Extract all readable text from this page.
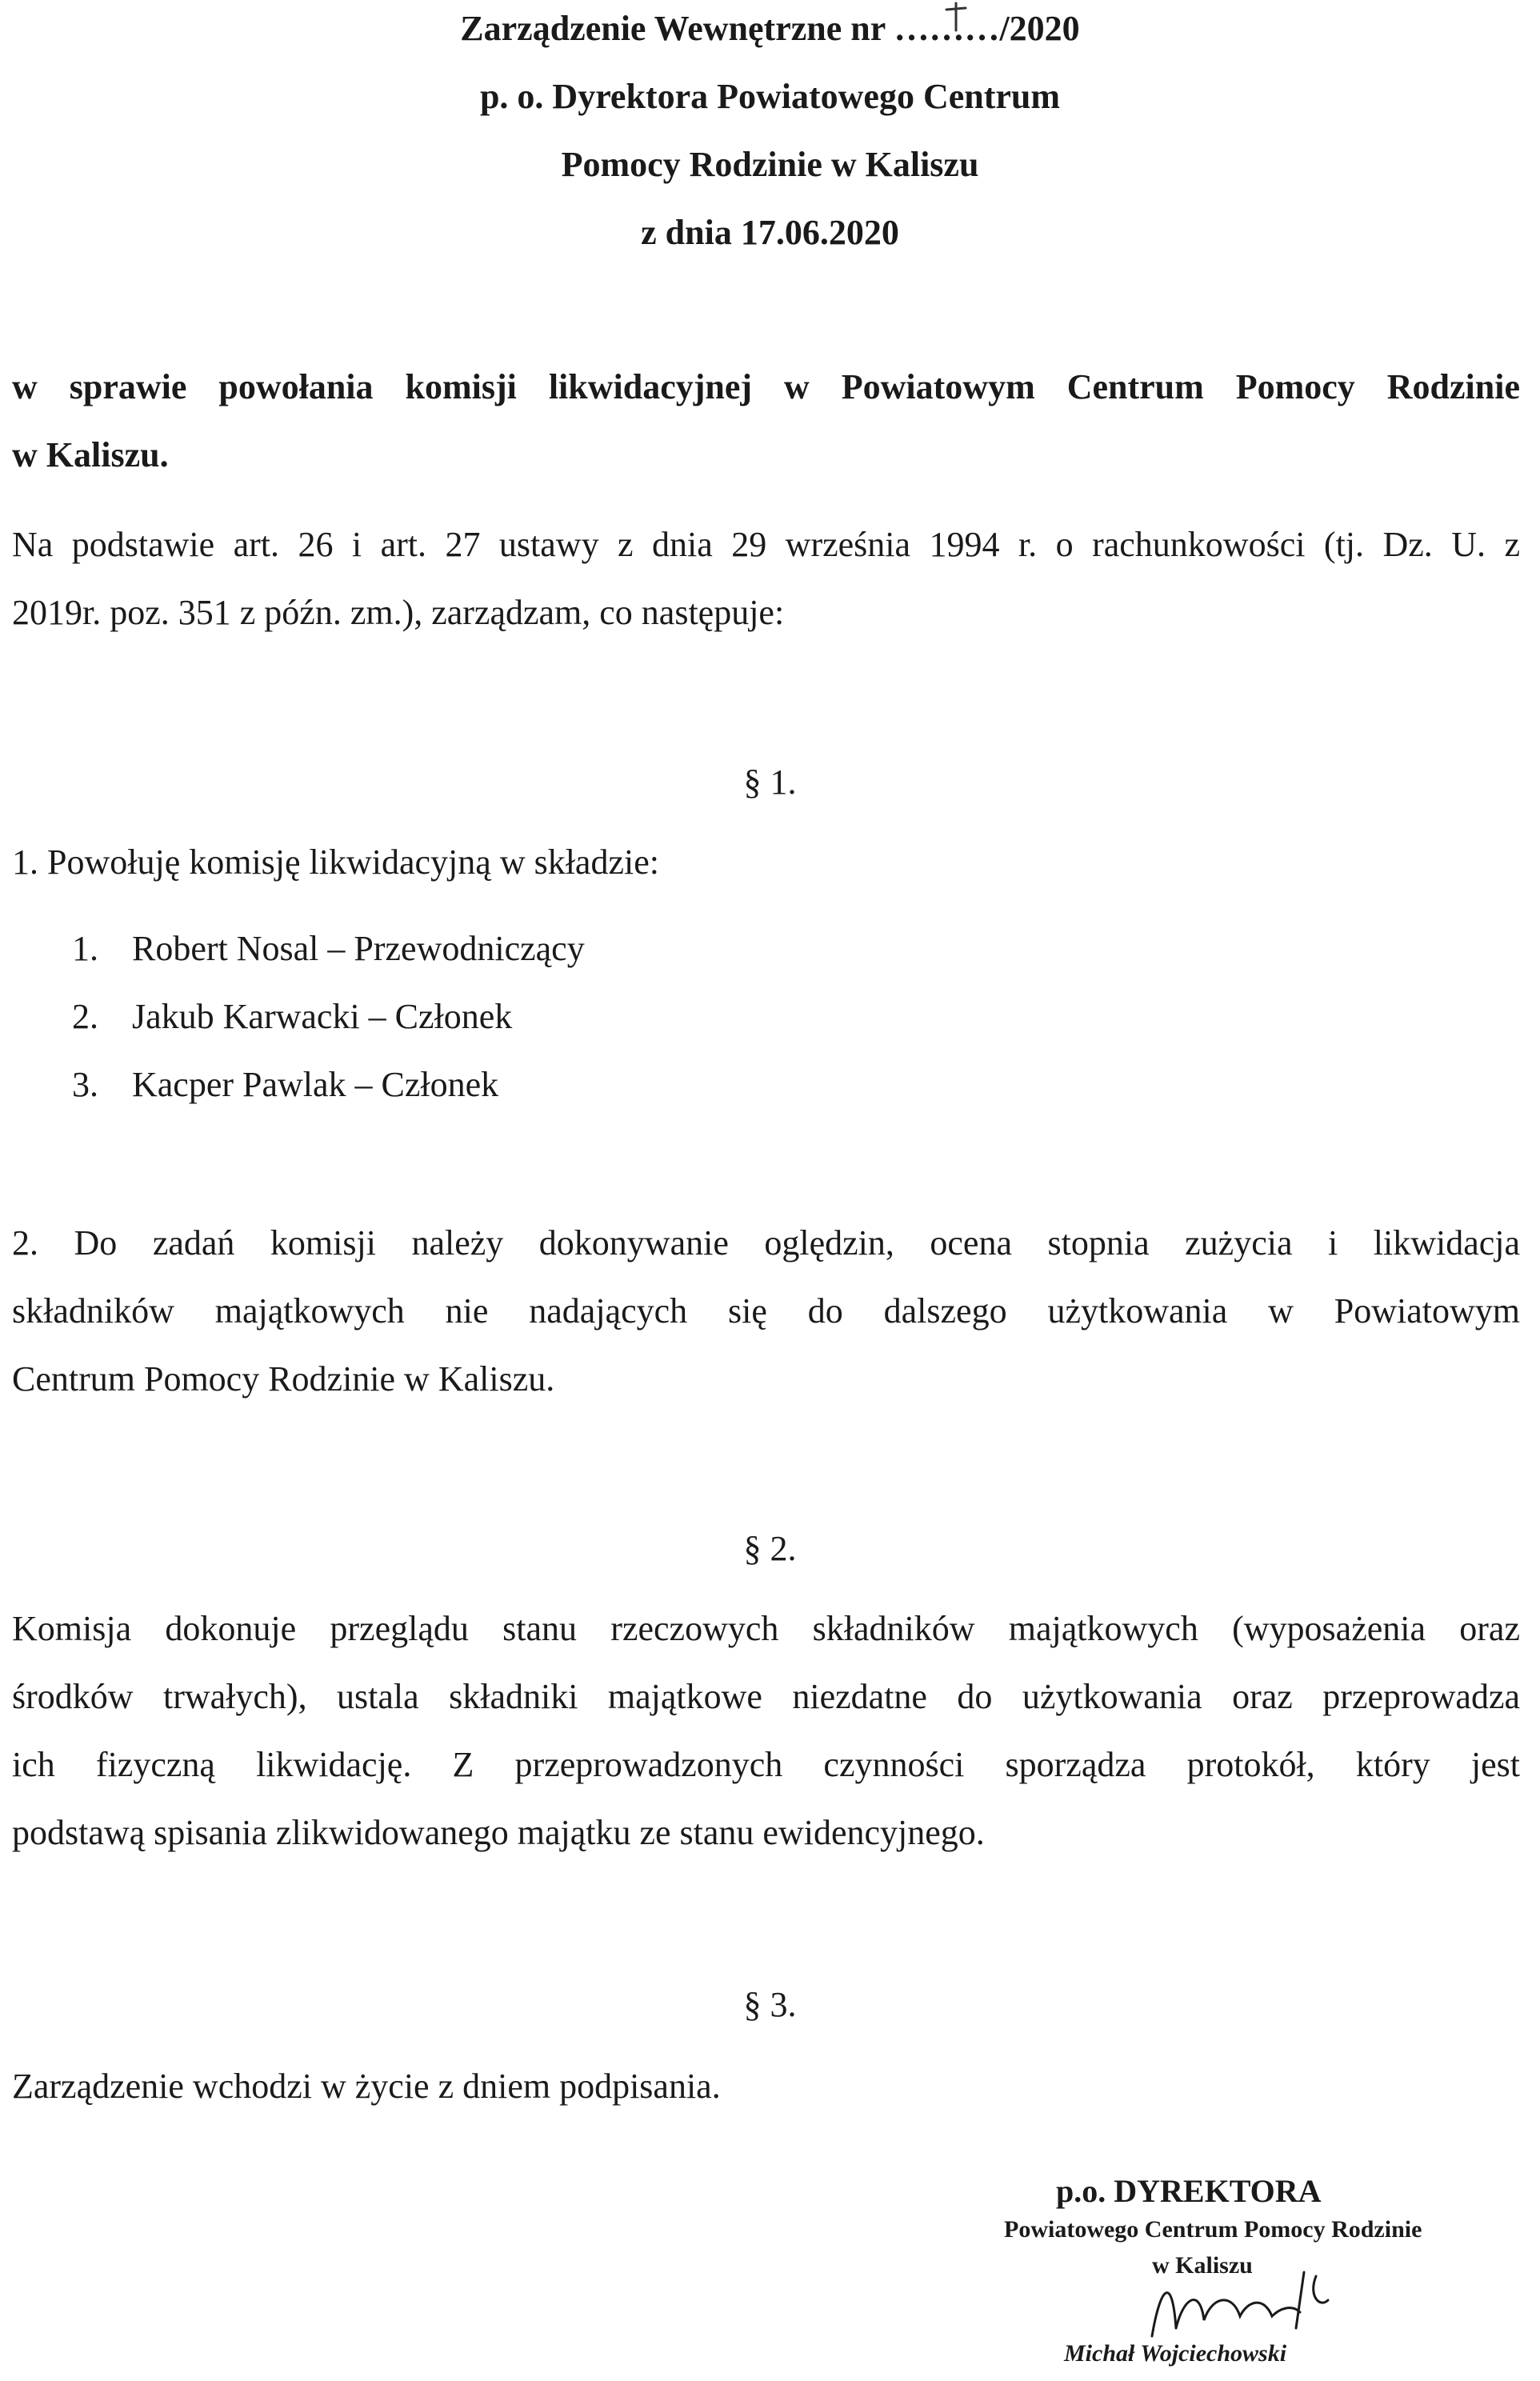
Zarządzenie Wewnętrzne nr ………/2020
p. o. Dyrektora Powiatowego Centrum
Pomocy Rodzinie w Kaliszu
z dnia 17.06.2020
w sprawie powołania komisji likwidacyjnej w Powiatowym Centrum Pomocy Rodzinie
w Kaliszu.
Na podstawie art. 26 i art. 27 ustawy z dnia 29 września 1994 r. o rachunkowości (tj. Dz. U. z
2019r. poz. 351 z późn. zm.), zarządzam, co następuje:
§ 1.
1. Powołuję komisję likwidacyjną w składzie:
1. Robert Nosal – Przewodniczący
2. Jakub Karwacki – Członek
3. Kacper Pawlak – Członek
2. Do zadań komisji należy dokonywanie oględzin, ocena stopnia zużycia i likwidacja
składników majątkowych nie nadających się do dalszego użytkowania w Powiatowym
Centrum Pomocy Rodzinie w Kaliszu.
§ 2.
Komisja dokonuje przeglądu stanu rzeczowych składników majątkowych (wyposażenia oraz
środków trwałych), ustala składniki majątkowe niezdatne do użytkowania oraz przeprowadza
ich fizyczną likwidację. Z przeprowadzonych czynności sporządza protokół, który jest
podstawą spisania zlikwidowanego majątku ze stanu ewidencyjnego.
§ 3.
Zarządzenie wchodzi w życie z dniem podpisania.
p.o. DYREKTORA
Powiatowego Centrum Pomocy Rodzinie
w Kaliszu
Michał Wojciechowski
